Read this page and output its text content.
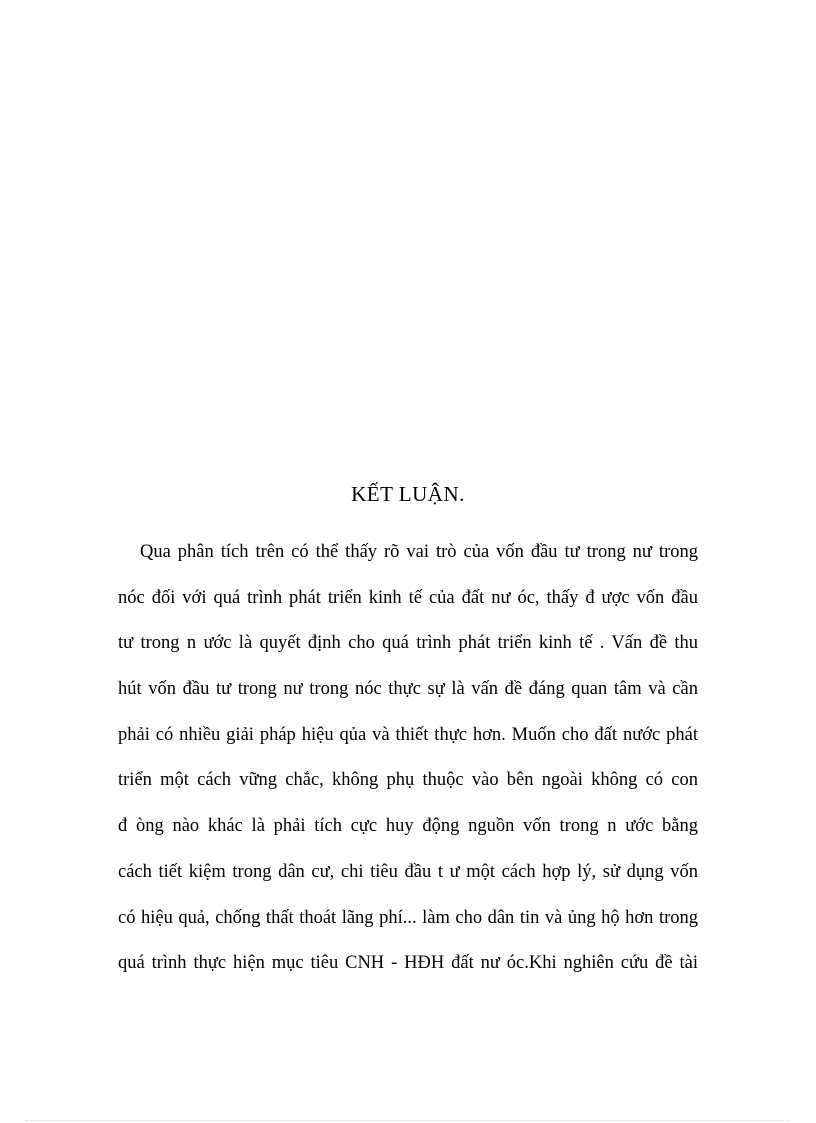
KẾT LUẬN.
Qua phân tích trên có thể thấy rõ vai trò của vốn đầu tư trong nư trong
nóc đối với quá trình phát triển kinh tế của đất nư óc, thấy đ ược vốn đầu
tư trong n ước là quyết định cho quá trình phát triển kinh tế . Vấn đề thu
hút vốn đầu tư trong nư trong nóc thực sự là vấn đề đáng quan tâm và cần
phải có nhiều giải pháp hiệu qủa và thiết thực hơn. Muốn cho đất nước phát
triển một cách vững chắc, không phụ thuộc vào bên ngoài không có con
đ òng nào khác là phải tích cực huy động nguồn vốn trong n ước bằng
cách tiết kiệm trong dân cư, chi tiêu đầu t ư một cách hợp lý, sử dụng vốn
có hiệu quả, chống thất thoát lãng phí... làm cho dân tin và ủng hộ hơn trong
quá trình thực hiện mục tiêu CNH - HĐH đất nư óc.Khi nghiên cứu đề tài
